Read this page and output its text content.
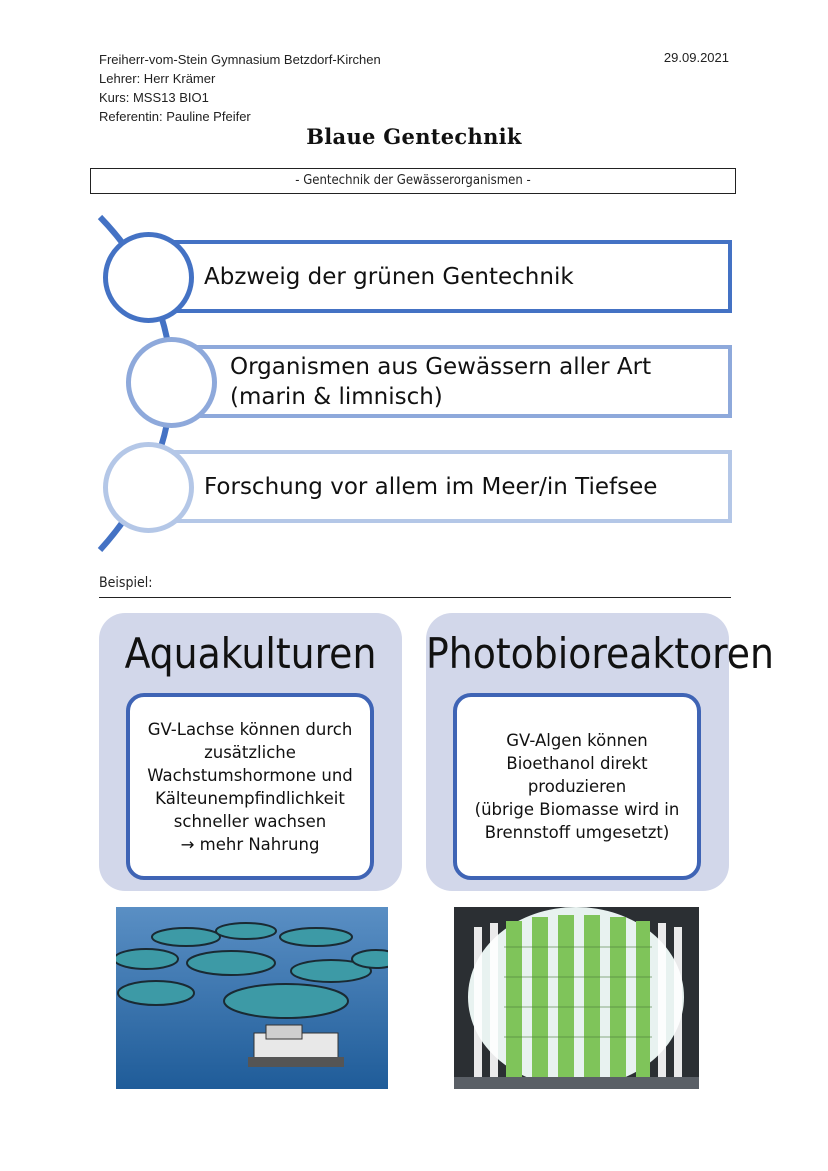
Freiherr-vom-Stein Gymnasium Betzdorf-Kirchen
Lehrer: Herr Krämer
Kurs: MSS13 BIO1
Referentin: Pauline Pfeifer
29.09.2021
Blaue Gentechnik
- Gentechnik der Gewässerorganismen -
Abzweig der grünen Gentechnik
Organismen aus Gewässern aller Art
(marin & limnisch)
Forschung vor allem im Meer/in Tiefsee
Beispiel:
Aquakulturen
GV-Lachse können durch
zusätzliche
Wachstumshormone und
Kälteunempfindlichkeit
schneller wachsen
→ mehr Nahrung
Photobioreaktoren
GV-Algen können
Bioethanol direkt
produzieren
(übrige Biomasse wird in
Brennstoff umgesetzt)
